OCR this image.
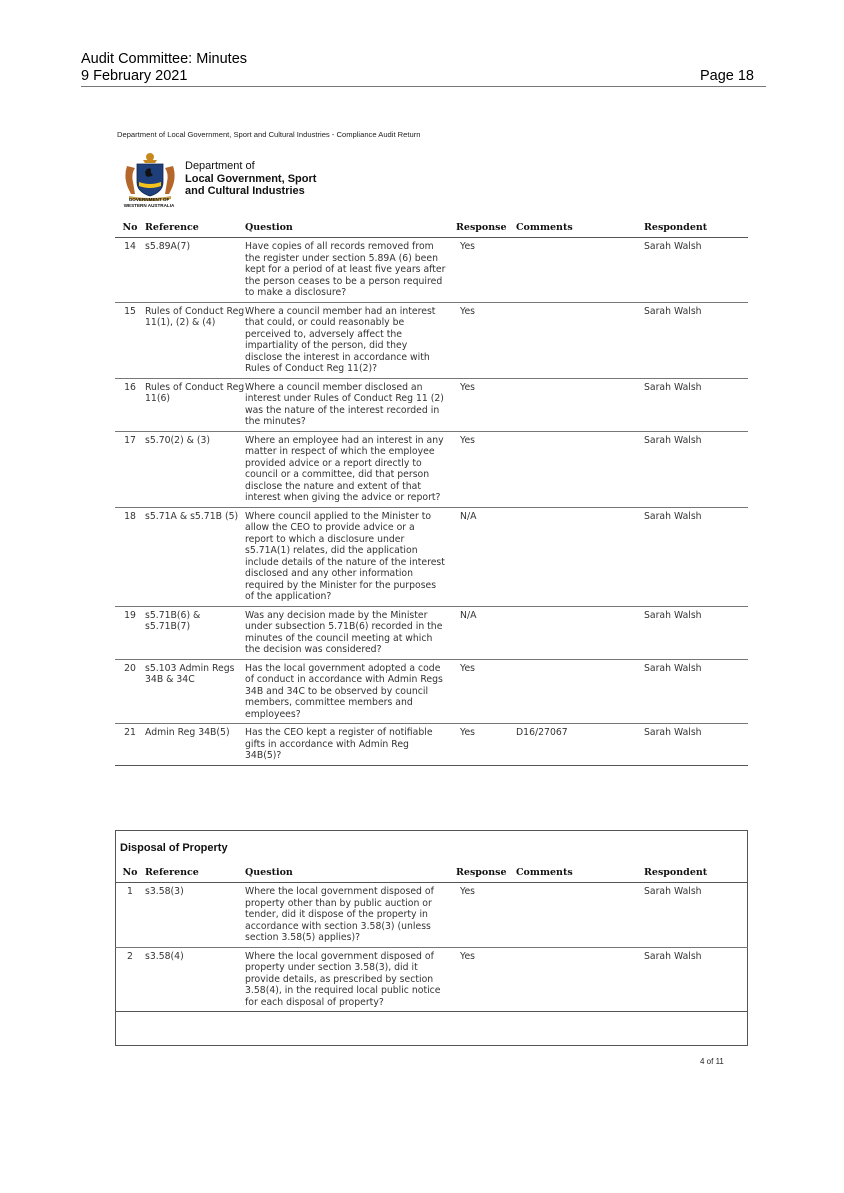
Audit Committee: Minutes
9 February 2021	Page 18
Department of Local Government, Sport and Cultural Industries - Compliance Audit Return
Department of
Local Government, Sport
and Cultural Industries
GOVERNMENT OF
WESTERN AUSTRALIA
No	Reference	Question	Response	Comments	Respondent
14	s5.89A(7)	Have copies of all records removed from the register under section 5.89A (6) been kept for a period of at least five years after the person ceases to be a person required to make a disclosure?	Yes		Sarah Walsh
15	Rules of Conduct Reg 11(1), (2) & (4)	Where a council member had an interest that could, or could reasonably be perceived to, adversely affect the impartiality of the person, did they disclose the interest in accordance with Rules of Conduct Reg 11(2)?	Yes		Sarah Walsh
16	Rules of Conduct Reg 11(6)	Where a council member disclosed an interest under Rules of Conduct Reg 11 (2) was the nature of the interest recorded in the minutes?	Yes		Sarah Walsh
17	s5.70(2) & (3)	Where an employee had an interest in any matter in respect of which the employee provided advice or a report directly to council or a committee, did that person disclose the nature and extent of that interest when giving the advice or report?	Yes		Sarah Walsh
18	s5.71A & s5.71B (5)	Where council applied to the Minister to allow the CEO to provide advice or a report to which a disclosure under s5.71A(1) relates, did the application include details of the nature of the interest disclosed and any other information required by the Minister for the purposes of the application?	N/A		Sarah Walsh
19	s5.71B(6) & s5.71B(7)	Was any decision made by the Minister under subsection 5.71B(6) recorded in the minutes of the council meeting at which the decision was considered?	N/A		Sarah Walsh
20	s5.103 Admin Regs 34B & 34C	Has the local government adopted a code of conduct in accordance with Admin Regs 34B and 34C to be observed by council members, committee members and employees?	Yes		Sarah Walsh
21	Admin Reg 34B(5)	Has the CEO kept a register of notifiable gifts in accordance with Admin Reg 34B(5)?	Yes	D16/27067	Sarah Walsh
Disposal of Property
No	Reference	Question	Response	Comments	Respondent
1	s3.58(3)	Where the local government disposed of property other than by public auction or tender, did it dispose of the property in accordance with section 3.58(3) (unless section 3.58(5) applies)?	Yes		Sarah Walsh
2	s3.58(4)	Where the local government disposed of property under section 3.58(3), did it provide details, as prescribed by section 3.58(4), in the required local public notice for each disposal of property?	Yes		Sarah Walsh
4 of 11
